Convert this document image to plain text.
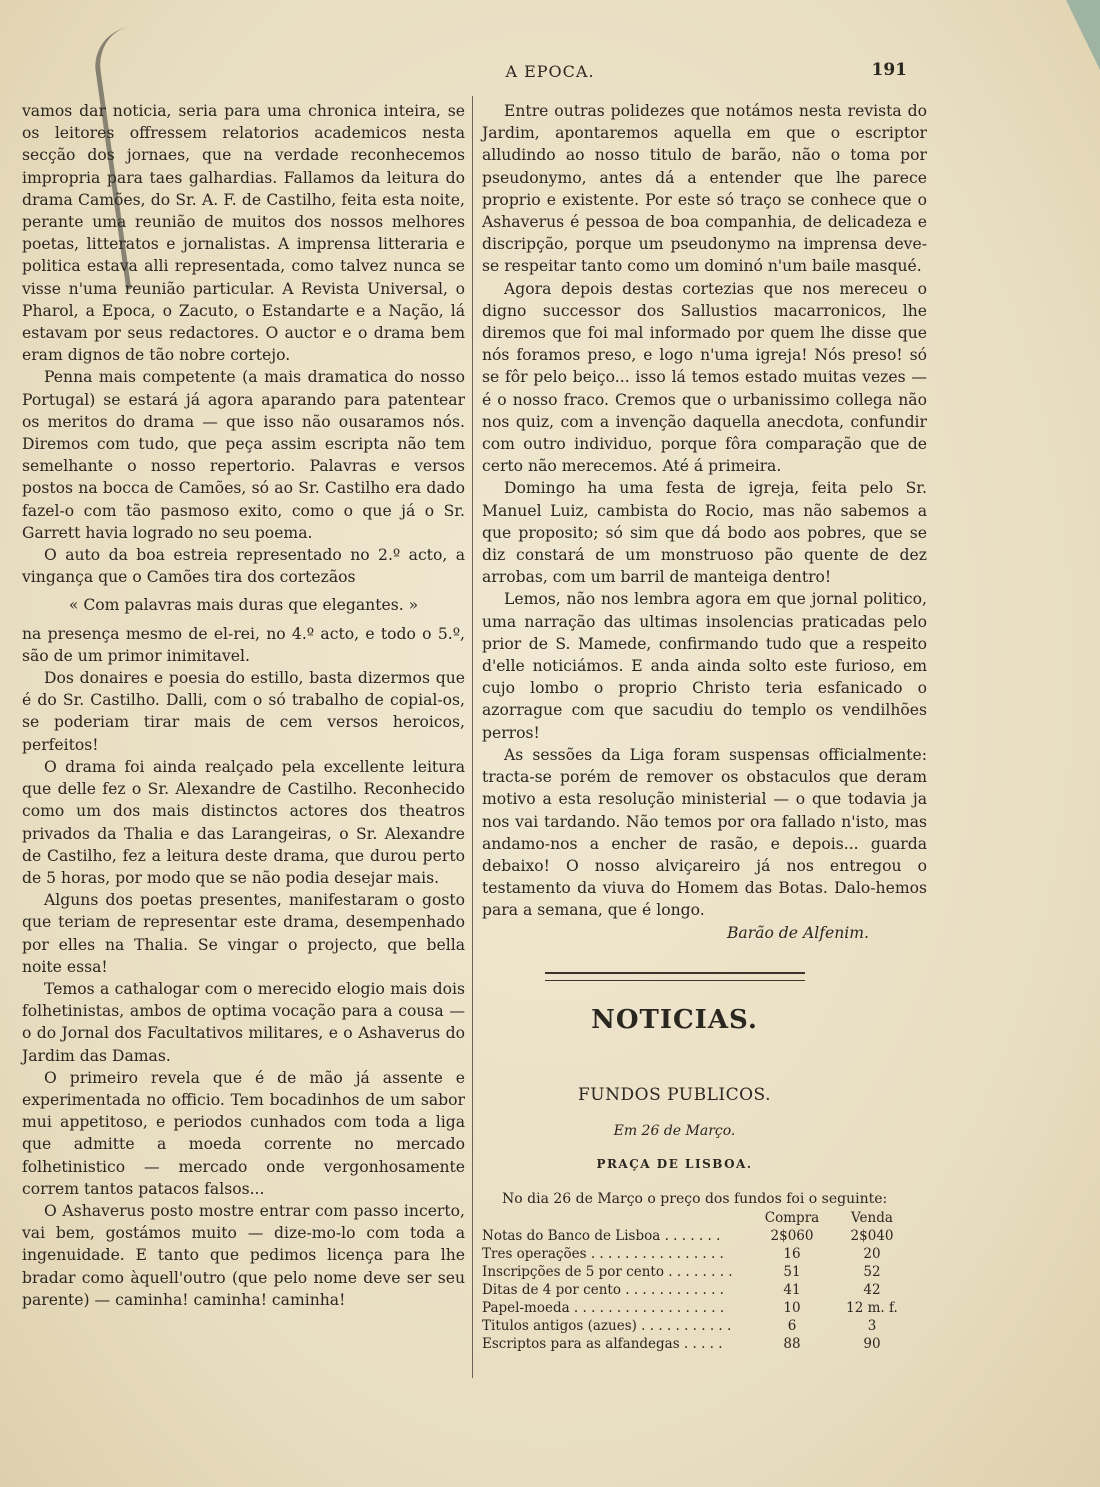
A EPOCA.	191

vamos dar noticia, seria para uma chronica inteira, se os leitores offressem relatorios academicos nesta secção dos jornaes, que na verdade reconhecemos impropria para taes galhardias. Fallamos da leitura do drama Camões, do Sr. A. F. de Castilho, feita esta noite, perante uma reunião de muitos dos nossos melhores poetas, litteratos e jornalistas. A imprensa litteraria e politica estava alli representada, como talvez nunca se visse n'uma reunião particular. A Revista Universal, o Pharol, a Epoca, o Zacuto, o Estandarte e a Nação, lá estavam por seus redactores. O auctor e o drama bem eram dignos de tão nobre cortejo.

Penna mais competente (a mais dramatica do nosso Portugal) se estará já agora aparando para patentear os meritos do drama — que isso não ousaramos nós. Diremos com tudo, que peça assim escripta não tem semelhante o nosso repertorio. Palavras e versos postos na bocca de Camões, só ao Sr. Castilho era dado fazel-o com tão pasmoso exito, como o que já o Sr. Garrett havia logrado no seu poema.

O auto da boa estreia representado no 2.º acto, a vingança que o Camões tira dos cortezãos

« Com palavras mais duras que elegantes. »

na presença mesmo de el-rei, no 4.º acto, e todo o 5.º, são de um primor inimitavel.

Dos donaires e poesia do estillo, basta dizermos que é do Sr. Castilho. Dalli, com o só trabalho de copial-os, se poderiam tirar mais de cem versos heroicos, perfeitos!

O drama foi ainda realçado pela excellente leitura que delle fez o Sr. Alexandre de Castilho. Reconhecido como um dos mais distinctos actores dos theatros privados da Thalia e das Larangeiras, o Sr. Alexandre de Castilho, fez a leitura deste drama, que durou perto de 5 horas, por modo que se não podia desejar mais.

Alguns dos poetas presentes, manifestaram o gosto que teriam de representar este drama, desempenhado por elles na Thalia. Se vingar o projecto, que bella noite essa!

Temos a cathalogar com o merecido elogio mais dois folhetinistas, ambos de optima vocação para a cousa — o do Jornal dos Facultativos militares, e o Ashaverus do Jardim das Damas.

O primeiro revela que é de mão já assente e experimentada no officio. Tem bocadinhos de um sabor mui appetitoso, e periodos cunhados com toda a liga que admitte a moeda corrente no mercado folhetinistico — mercado onde vergonhosamente correm tantos patacos falsos...

O Ashaverus posto mostre entrar com passo incerto, vai bem, gostámos muito — dize-mo-lo com toda a ingenuidade. E tanto que pedimos licença para lhe bradar como àquell'outro (que pelo nome deve ser seu parente) — caminha! caminha! caminha!

Entre outras polidezes que notámos nesta revista do Jardim, apontaremos aquella em que o escriptor alludindo ao nosso titulo de barão, não o toma por pseudonymo, antes dá a entender que lhe parece proprio e existente. Por este só traço se conhece que o Ashaverus é pessoa de boa companhia, de delicadeza e discripção, porque um pseudonymo na imprensa deve-se respeitar tanto como um dominó n'um baile masqué.

Agora depois destas cortezias que nos mereceu o digno successor dos Sallustios macarronicos, lhe diremos que foi mal informado por quem lhe disse que nós foramos preso, e logo n'uma igreja! Nós preso! só se fôr pelo beiço... isso lá temos estado muitas vezes — é o nosso fraco. Cremos que o urbanissimo collega não nos quiz, com a invenção daquella anecdota, confundir com outro individuo, porque fôra comparação que de certo não merecemos. Até á primeira.

Domingo ha uma festa de igreja, feita pelo Sr. Manuel Luiz, cambista do Rocio, mas não sabemos a que proposito; só sim que dá bodo aos pobres, que se diz constará de um monstruoso pão quente de dez arrobas, com um barril de manteiga dentro!

Lemos, não nos lembra agora em que jornal politico, uma narração das ultimas insolencias praticadas pelo prior de S. Mamede, confirmando tudo que a respeito d'elle noticiámos. E anda ainda solto este furioso, em cujo lombo o proprio Christo teria esfanicado o azorrague com que sacudiu do templo os vendilhões perros!

As sessões da Liga foram suspensas officialmente: tracta-se porém de remover os obstaculos que deram motivo a esta resolução ministerial — o que todavia ja nos vai tardando. Não temos por ora fallado n'isto, mas andamo-nos a encher de rasão, e depois... guarda debaixo! O nosso alviçareiro já nos entregou o testamento da viuva do Homem das Botas. Dalo-hemos para a semana, que é longo.

Barão de Alfenim.

NOTICIAS.
FUNDOS PUBLICOS.
Em 26 de Março.
PRAÇA DE LISBOA.
No dia 26 de Março o preço dos fundos foi o seguinte:
	Compra	Venda
Notas do Banco de Lisboa . . . . . . .	2$060	2$040
Tres operações . . . . . . . . . . . . . . . .	16	20
Inscripções de 5 por cento . . . . . . . .	51	52
Ditas de 4 por cento . . . . . . . . . . . .	41	42
Papel-moeda . . . . . . . . . . . . . . . . . .	10	12 m. f.
Titulos antigos (azues) . . . . . . . . . . .	6	3
Escriptos para as alfandegas . . . . .	88	90
